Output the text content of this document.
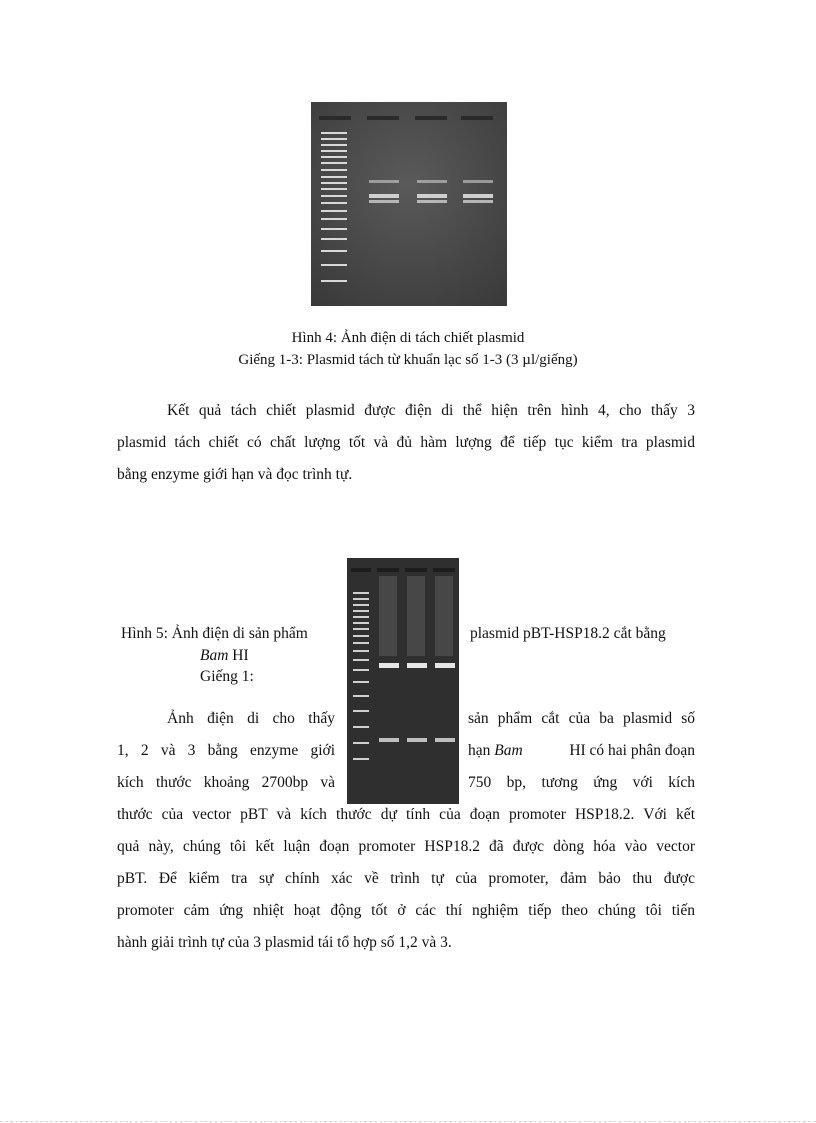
Hình 4: Ảnh điện di tách chiết plasmid
Giếng 1-3: Plasmid tách từ khuẩn lạc số 1-3 (3 µl/giếng)
Kết quả tách chiết plasmid được điện di thể hiện trên hình 4, cho thấy 3
plasmid tách chiết có chất lượng tốt và đủ hàm lượng để tiếp tục kiểm tra plasmid
bằng enzyme giới hạn và đọc trình tự.
Hình 5: Ảnh điện di sản phẩm	plasmid pBT-HSP18.2 cắt bằng
Bam HI
Giếng 1:
Ảnh điện di cho thấy	sản phẩm cắt của ba plasmid số
1, 2 và 3 bằng enzyme giới	hạn Bam	HI có hai phân đoạn
kích thước khoảng 2700bp và	750 bp, tương ứng với kích
thước của vector pBT và kích thước dự tính của đoạn promoter HSP18.2. Với kết
quả này, chúng tôi kết luận đoạn promoter HSP18.2 đã được dòng hóa vào vector
pBT. Để kiểm tra sự chính xác về trình tự của promoter, đảm bảo thu được
promoter cảm ứng nhiệt hoạt động tốt ở các thí nghiệm tiếp theo chúng tôi tiến
hành giải trình tự của 3 plasmid tái tổ hợp số 1,2 và 3.
